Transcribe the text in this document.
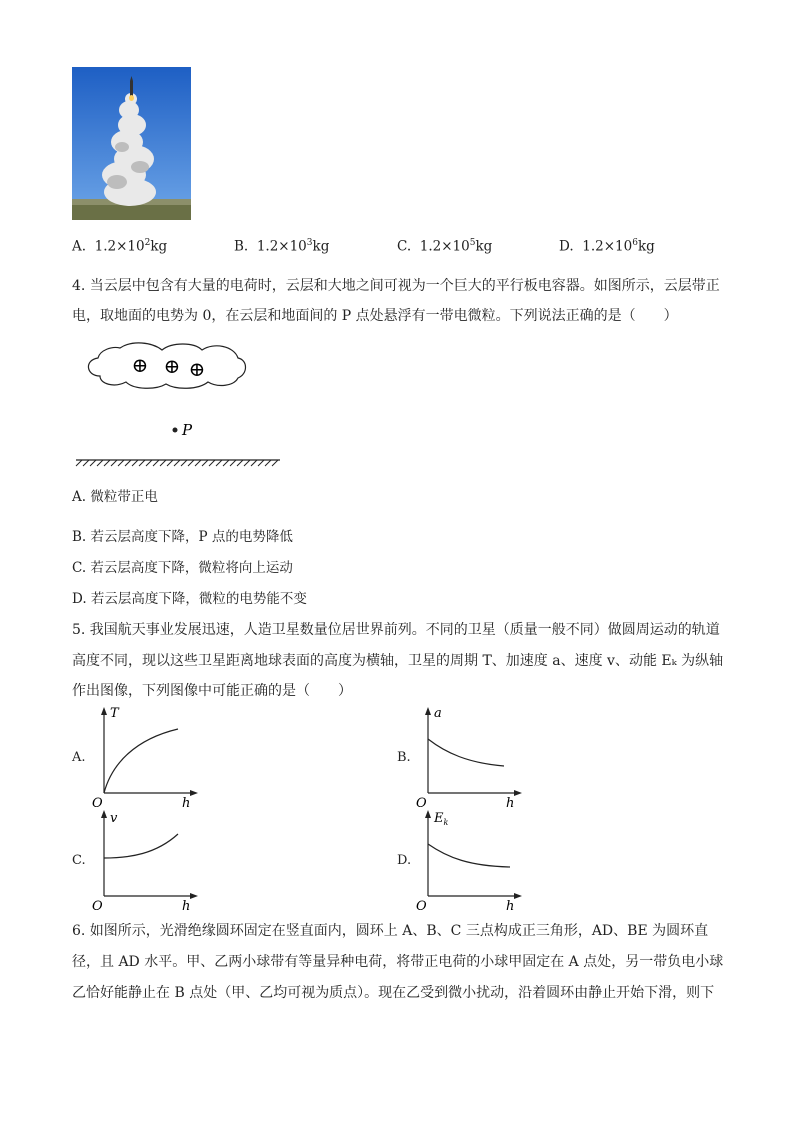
A. $1.2\times 10^2kg$	B. $1.2\times 10^3kg$	C. $1.2\times 10^5kg$	D. $1.2\times 10^6kg$
4. 当云层中包含有大量的电荷时，云层和大地之间可视为一个巨大的平行板电容器。如图所示，云层带正
电，取地面的电势为 0，在云层和地面间的 P 点处悬浮有一带电微粒。下列说法正确的是（　　）
⊕ ⊕ ⊕
P
A. 微粒带正电
B. 若云层高度下降，P 点的电势降低
C. 若云层高度下降，微粒将向上运动
D. 若云层高度下降，微粒的电势能不变
5. 我国航天事业发展迅速，人造卫星数量位居世界前列。不同的卫星（质量一般不同）做圆周运动的轨道
高度不同，现以这些卫星距离地球表面的高度为横轴，卫星的周期 T、加速度 a、速度 v、动能 Eₖ 为纵轴
作出图像，下列图像中可能正确的是（　　）
A.
T
O	h
B.
a
O	h
C.
v
O	h
D.
$E_k$
O	h
6. 如图所示，光滑绝缘圆环固定在竖直面内，圆环上 A、B、C 三点构成正三角形，AD、BE 为圆环直
径，且 AD 水平。甲、乙两小球带有等量异种电荷，将带正电荷的小球甲固定在 A 点处，另一带负电小球
乙恰好能静止在 B 点处（甲、乙均可视为质点）。现在乙受到微小扰动，沿着圆环由静止开始下滑，则下
